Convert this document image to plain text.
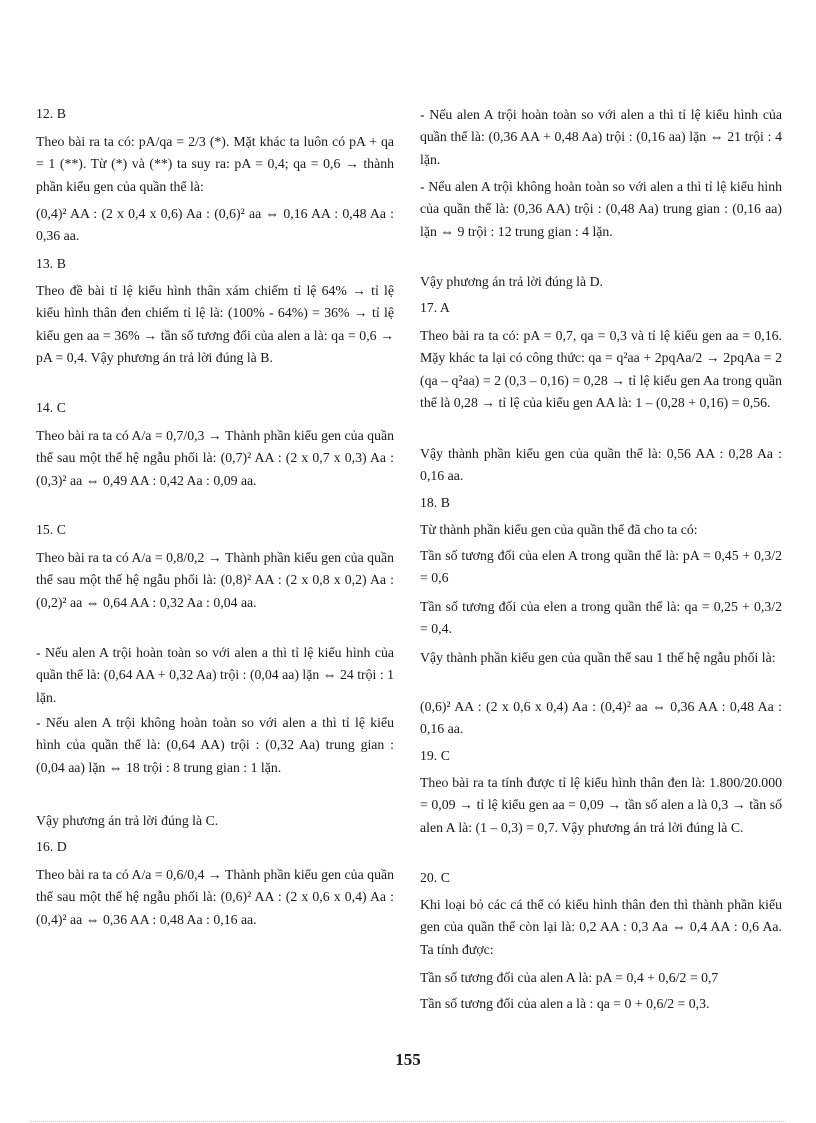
12. B

Theo bài ra ta có: pA/qa = 2/3 (*). Mặt khác ta luôn có pA + qa = 1 (**). Từ (*) và (**) ta suy ra: pA = 0,4; qa = 0,6 → thành phần kiểu gen của quần thể là:

(0,4)² AA : (2 x 0,4 x 0,6) Aa : (0,6)² aa ⇔ 0,16 AA : 0,48 Aa : 0,36 aa.

13. B

Theo đề bài tỉ lệ kiểu hình thân xám chiếm tỉ lệ 64% → tỉ lệ kiểu hình thân đen chiếm tỉ lệ là: (100% - 64%) = 36% → tỉ lệ kiểu gen aa = 36% → tần số tương đối của alen a là: qa = 0,6 → pA = 0,4. Vậy phương án trả lời đúng là B.

14. C

Theo bài ra ta có A/a = 0,7/0,3 → Thành phần kiểu gen của quần thể sau một thế hệ ngẫu phối là: (0,7)² AA : (2 x 0,7 x 0,3) Aa : (0,3)² aa ⇔ 0,49 AA : 0,42 Aa : 0,09 aa.

15. C

Theo bài ra ta có A/a = 0,8/0,2 → Thành phần kiểu gen của quần thể sau một thế hệ ngẫu phối là: (0,8)² AA : (2 x 0,8 x 0,2) Aa : (0,2)² aa ⇔ 0,64 AA : 0,32 Aa : 0,04 aa.

- Nếu alen A trội hoàn toàn so với alen a thì tỉ lệ kiểu hình của quần thể là: (0,64 AA + 0,32 Aa) trội : (0,04 aa) lặn ⇔ 24 trội : 1 lặn.

- Nếu alen A trội không hoàn toàn so với alen a thì tỉ lệ kiểu hình của quần thể là: (0,64 AA) trội : (0,32 Aa) trung gian : (0,04 aa) lặn ⇔ 18 trội : 8 trung gian : 1 lặn.

Vậy phương án trả lời đúng là C.

16. D

Theo bài ra ta có A/a = 0,6/0,4 → Thành phần kiểu gen của quần thể sau một thế hệ ngẫu phối là: (0,6)² AA : (2 x 0,6 x 0,4) Aa : (0,4)² aa ⇔ 0,36 AA : 0,48 Aa : 0,16 aa.

- Nếu alen A trội hoàn toàn so với alen a thì tỉ lệ kiểu hình của quần thể là: (0,36 AA + 0,48 Aa) trội : (0,16 aa) lặn ⇔ 21 trội : 4 lặn.

- Nếu alen A trội không hoàn toàn so với alen a thì tỉ lệ kiểu hình của quần thể là: (0,36 AA) trội : (0,48 Aa) trung gian : (0,16 aa) lặn ⇔ 9 trội : 12 trung gian : 4 lặn.

Vậy phương án trả lời đúng là D.

17. A

Theo bài ra ta có: pA = 0,7, qa = 0,3 và tỉ lệ kiểu gen aa = 0,16. Mặy khác ta lại có công thức: qa = q²aa + 2pqAa/2 → 2pqAa = 2 (qa – q²aa) = 2 (0,3 – 0,16) = 0,28 → tỉ lệ kiểu gen Aa trong quần thể là 0,28 → tỉ lệ của kiểu gen AA là: 1 – (0,28 + 0,16) = 0,56.

Vậy thành phần kiểu gen của quần thể là: 0,56 AA : 0,28 Aa : 0,16 aa.

18. B

Từ thành phần kiểu gen của quần thể đã cho ta có:

Tần số tương đối của elen A trong quần thể là: pA = 0,45 + 0,3/2 = 0,6

Tần số tương đối của elen a trong quần thể là: qa = 0,25 + 0,3/2 = 0,4.

Vậy thành phần kiểu gen của quần thể sau 1 thế hệ ngẫu phối là:

(0,6)² AA : (2 x 0,6 x 0,4) Aa : (0,4)² aa ⇔ 0,36 AA : 0,48 Aa : 0,16 aa.

19. C

Theo bài ra ta tính được tỉ lệ kiểu hình thân đen là: 1.800/20.000 = 0,09 → tỉ lệ kiểu gen aa = 0,09 → tần số alen a là 0,3 → tần số alen A là: (1 – 0,3) = 0,7. Vậy phương án trả lời đúng là C.

20. C

Khi loại bỏ các cá thể có kiểu hình thân đen thì thành phần kiểu gen của quần thể còn lại là: 0,2 AA : 0,3 Aa ⇔ 0,4 AA : 0,6 Aa. Ta tính được:

Tần số tương đối của alen A là: pA = 0,4 + 0,6/2 = 0,7

Tần số tương đối của alen a là : qa = 0 + 0,6/2 = 0,3.

155
